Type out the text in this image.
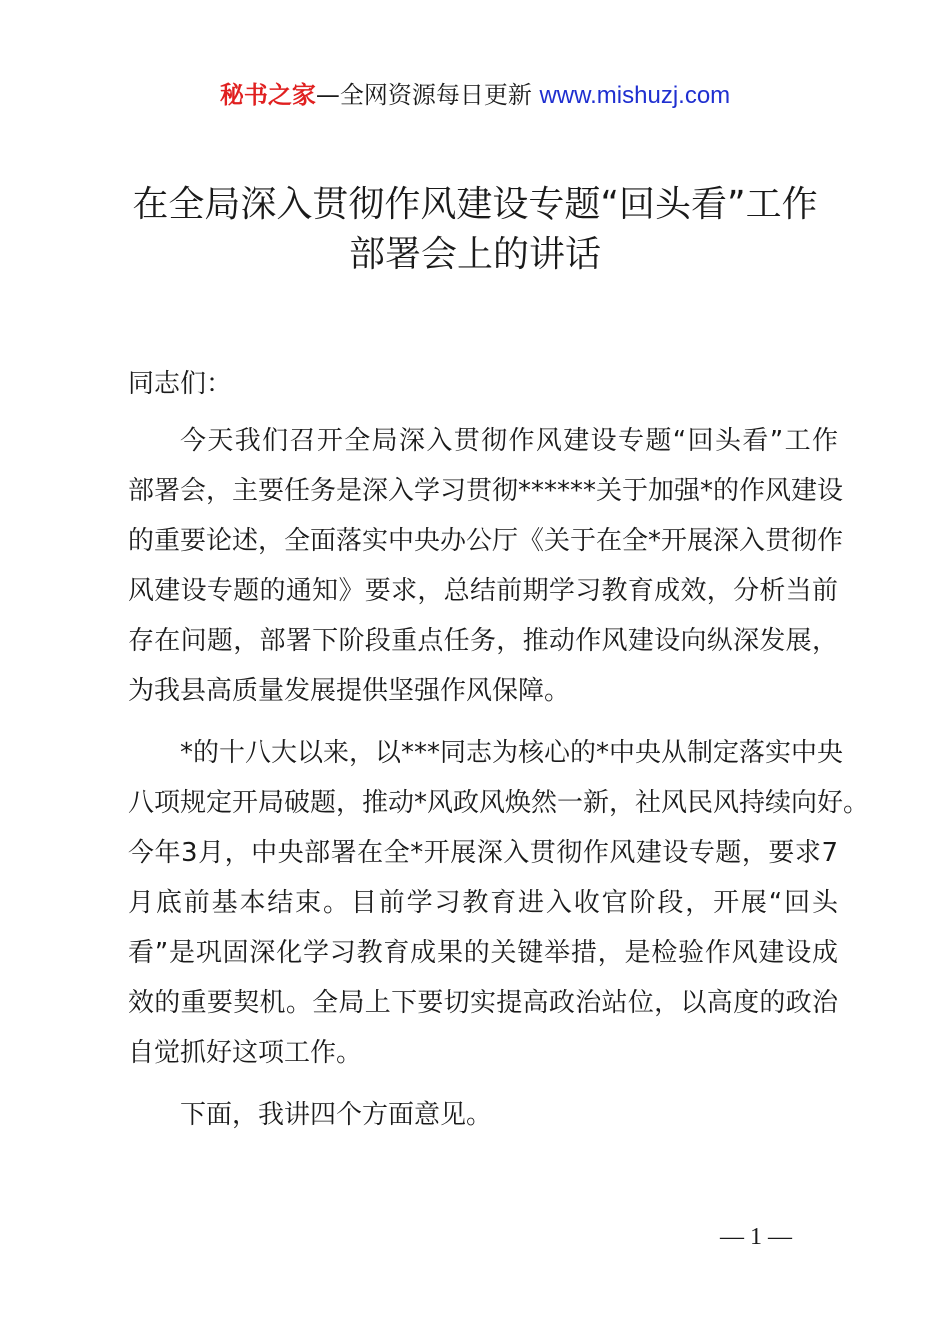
秘书之家—全网资源每日更新 www.mishuzj.com
在全局深入贯彻作风建设专题“回头看”工作
部署会上的讲话
同志们：
今天我们召开全局深入贯彻作风建设专题“回头看”工作
部署会，主要任务是深入学习贯彻******关于加强*的作风建设
的重要论述，全面落实中央办公厅《关于在全*开展深入贯彻作
风建设专题的通知》要求，总结前期学习教育成效，分析当前
存在问题，部署下阶段重点任务，推动作风建设向纵深发展，
为我县高质量发展提供坚强作风保障。
*的十八大以来，以***同志为核心的*中央从制定落实中央
八项规定开局破题，推动*风政风焕然一新，社风民风持续向好。
今年3月，中央部署在全*开展深入贯彻作风建设专题，要求7
月底前基本结束。目前学习教育进入收官阶段，开展“回头
看”是巩固深化学习教育成果的关键举措，是检验作风建设成
效的重要契机。全局上下要切实提高政治站位，以高度的政治
自觉抓好这项工作。
下面，我讲四个方面意见。
— 1 —
